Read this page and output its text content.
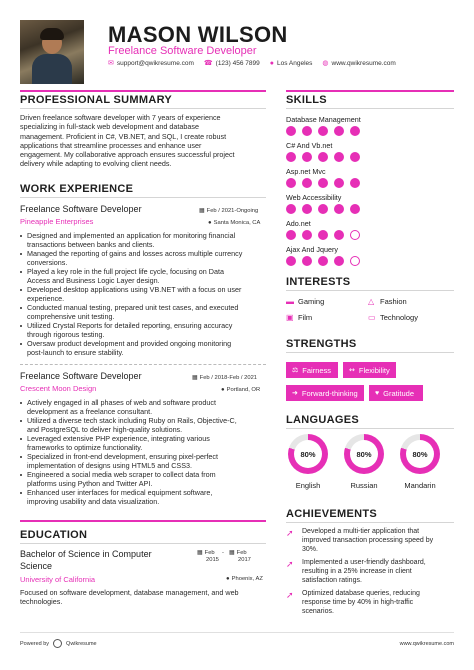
MASON WILSON
Freelance Software Developer
✉ support@qwikresume.com ☎ (123) 456 7899 ● Los Angeles ◍ www.qwikresume.com
PROFESSIONAL SUMMARY
Driven freelance software developer with 7 years of experience
specializing in full-stack web development and database
management. Proficient in C#, VB.NET, and SQL, I create robust
applications that streamline processes and enhance user
engagement. My collaborative approach ensures successful project
delivery while adapting to evolving client needs.
WORK EXPERIENCE
Freelance Software Developer	▦ Feb / 2021-Ongoing
Pineapple Enterprises	● Santa Monica, CA
Designed and implemented an application for monitoring financial
transactions between banks and clients.
Managed the reporting of gains and losses across multiple currency
conversions.
Played a key role in the full project life cycle, focusing on Data
Access and Business Logic Layer design.
Developed desktop applications using VB.NET with a focus on user
experience.
Conducted manual testing, prepared unit test cases, and executed
comprehensive unit testing.
Utilized Crystal Reports for detailed reporting, ensuring accuracy
through rigorous testing.
Oversaw product development and provided ongoing monitoring
post-launch to ensure stability.
Freelance Software Developer	▦ Feb / 2018-Feb / 2021
Crescent Moon Design	● Portland, OR
Actively engaged in all phases of web and software product
development as a freelance consultant.
Utilized a diverse tech stack including Ruby on Rails, Objective-C,
and PostgreSQL to deliver high-quality solutions.
Leveraged extensive PHP experience, integrating various
frameworks to optimize functionality.
Specialized in front-end development, ensuring pixel-perfect
implementation of designs using HTML5 and CSS3.
Engineered a social media web scraper to collect data from
platforms using Python and Twitter API.
Enhanced user interfaces for medical equipment software,
improving usability and data visualization.
EDUCATION
Bachelor of Science in Computer
Science
▦ Feb
2015
- ▦ Feb
2017
University of California	● Phoenix, AZ
Focused on software development, database management, and web
technologies.
SKILLS
Database Management
C# And Vb.net
Asp.net Mvc
Web Accessibility
Ado.net
Ajax And Jquery
INTERESTS
▬ Gaming	△ Fashion
▣ Film	▭ Technology
STRENGTHS
⚖ Fairness	↭ Flexibility
➜ Forward-thinking ♥ Gratitude
LANGUAGES
80%
English
80%
Russian
80%
Mandarin
ACHIEVEMENTS
➚	Developed a multi-tier application that
improved transaction processing speed by
30%.
➚	Implemented a user-friendly dashboard,
resulting in a 25% increase in client
satisfaction ratings.
➚	Optimized database queries, reducing
response time by 40% in high-traffic
scenarios.
Powered by	Qwikresume	www.qwikresume.com
